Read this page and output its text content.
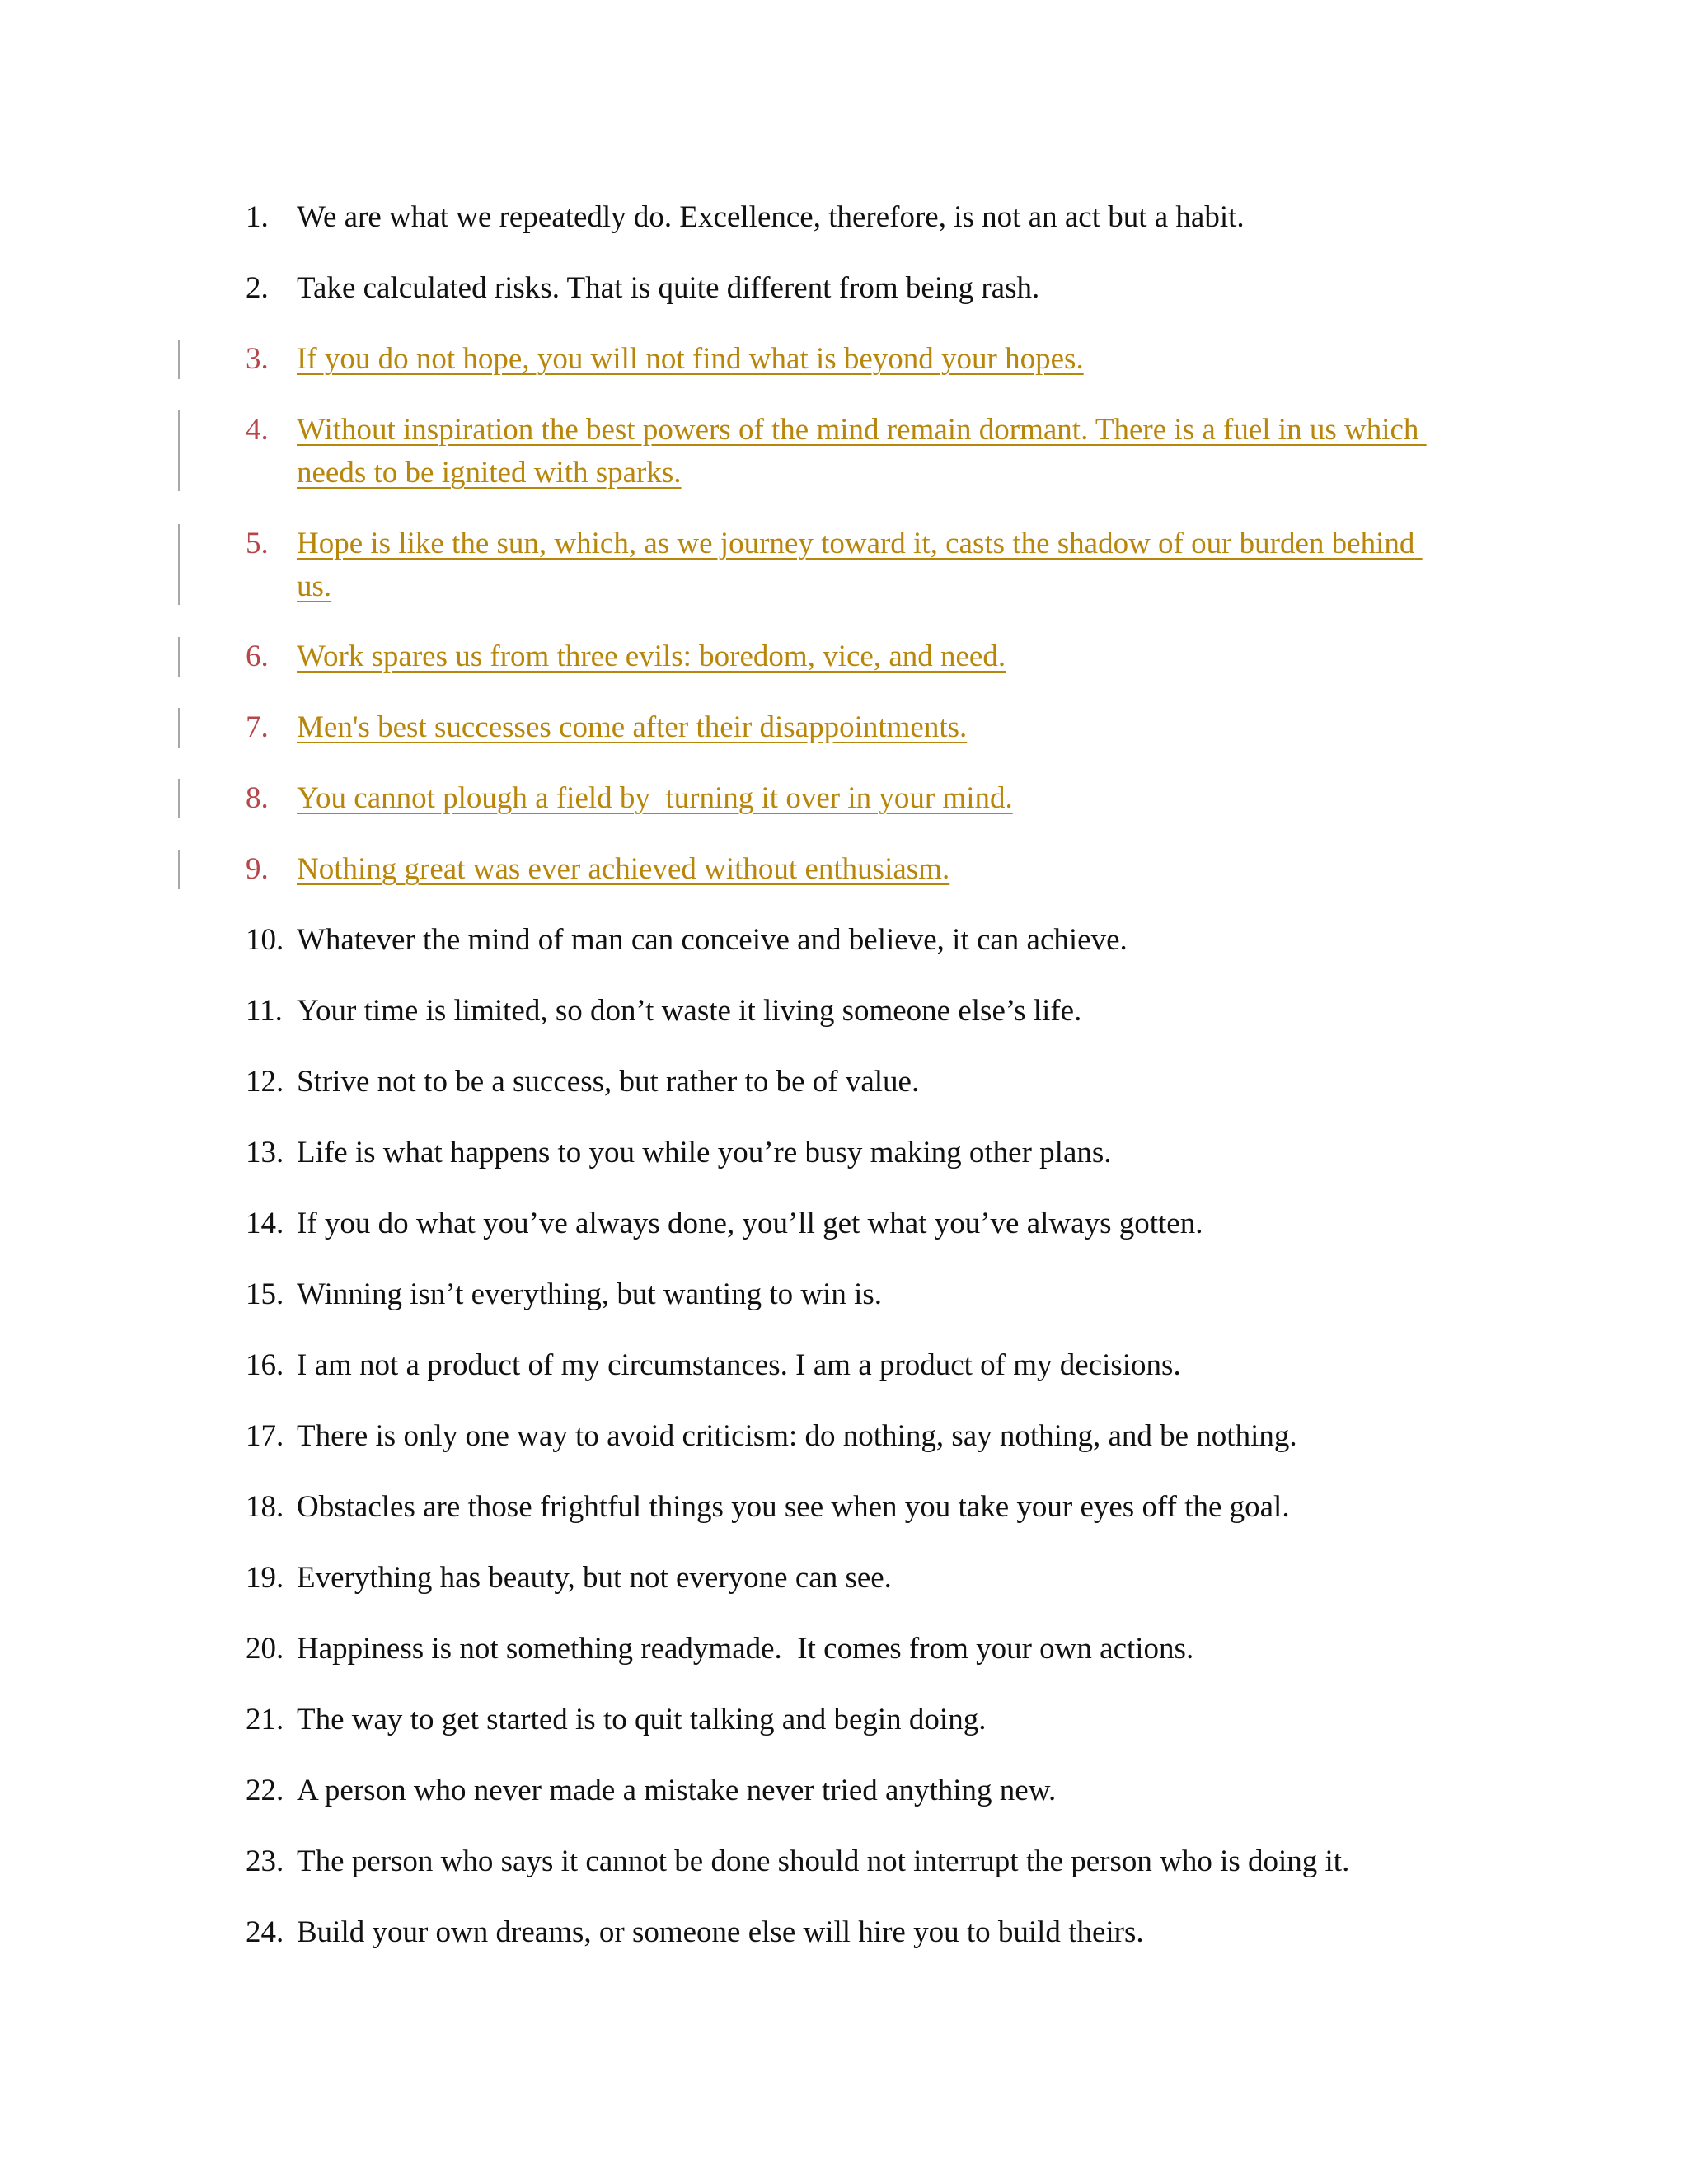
1. We are what we repeatedly do. Excellence, therefore, is not an act but a habit.
2. Take calculated risks. That is quite different from being rash.
3. If you do not hope, you will not find what is beyond your hopes.
4. Without inspiration the best powers of the mind remain dormant. There is a fuel in us which needs to be ignited with sparks.
5. Hope is like the sun, which, as we journey toward it, casts the shadow of our burden behind us.
6. Work spares us from three evils: boredom, vice, and need.
7. Men's best successes come after their disappointments.
8. You cannot plough a field by  turning it over in your mind.
9. Nothing great was ever achieved without enthusiasm.
10. Whatever the mind of man can conceive and believe, it can achieve.
11. Your time is limited, so don’t waste it living someone else’s life.
12. Strive not to be a success, but rather to be of value.
13. Life is what happens to you while you’re busy making other plans.
14. If you do what you’ve always done, you’ll get what you’ve always gotten.
15. Winning isn’t everything, but wanting to win is.
16. I am not a product of my circumstances. I am a product of my decisions.
17. There is only one way to avoid criticism: do nothing, say nothing, and be nothing.
18. Obstacles are those frightful things you see when you take your eyes off the goal.
19. Everything has beauty, but not everyone can see.
20. Happiness is not something readymade.  It comes from your own actions.
21. The way to get started is to quit talking and begin doing.
22. A person who never made a mistake never tried anything new.
23. The person who says it cannot be done should not interrupt the person who is doing it.
24. Build your own dreams, or someone else will hire you to build theirs.
